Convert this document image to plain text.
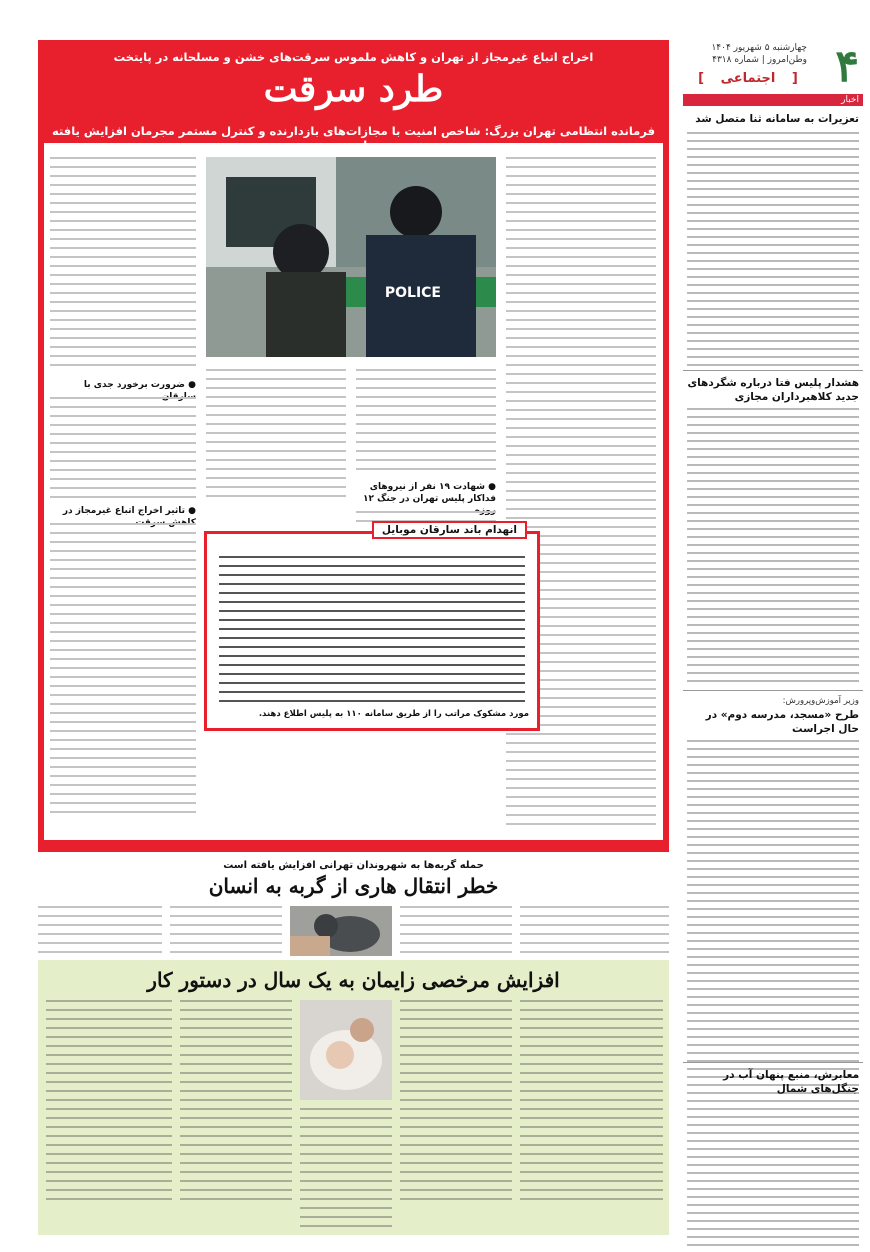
۴
چهارشنبه ۵ شهریور ۱۴۰۴
وطن‌امروز | شماره ۴۳۱۸
[ اجتماعی ]
اخبار
تعزیرات به سامانه ثنا متصل شد
هشدار پلیس فتا درباره شگردهای جدید کلاهبرداران مجازی
وزیر آموزش‌وپرورش:
طرح «مسجد، مدرسه دوم» در حال اجراست
معابرش، منبع پنهان آب در جنگل‌های شمال
اخراج اتباع غیرمجاز از تهران و کاهش ملموس سرقت‌های خشن و مسلحانه در پایتخت
طرد سرقت
فرمانده انتظامی تهران بزرگ: شاخص امنیت با مجازات‌های بازدارنده و کنترل مستمر مجرمان افزایش یافته
POLICE
● ضرورت برخورد جدی با
● تاثیر اخراج اتباع غیرمجاز در
● شهادت ۱۹ نفر از نیروهای فداکار پلیس تهران در جنگ ۱۲
انهدام باند سارقان موبایل
مورد مشکوک مراتب را از طریق سامانه ۱۱۰ به پلیس اطلاع دهند.
حمله گربه‌ها به شهروندان تهرانی افزایش یافته است
خطر انتقال هاری از گربه به انسان
افزایش مرخصی زایمان به یک سال در دستور کار
